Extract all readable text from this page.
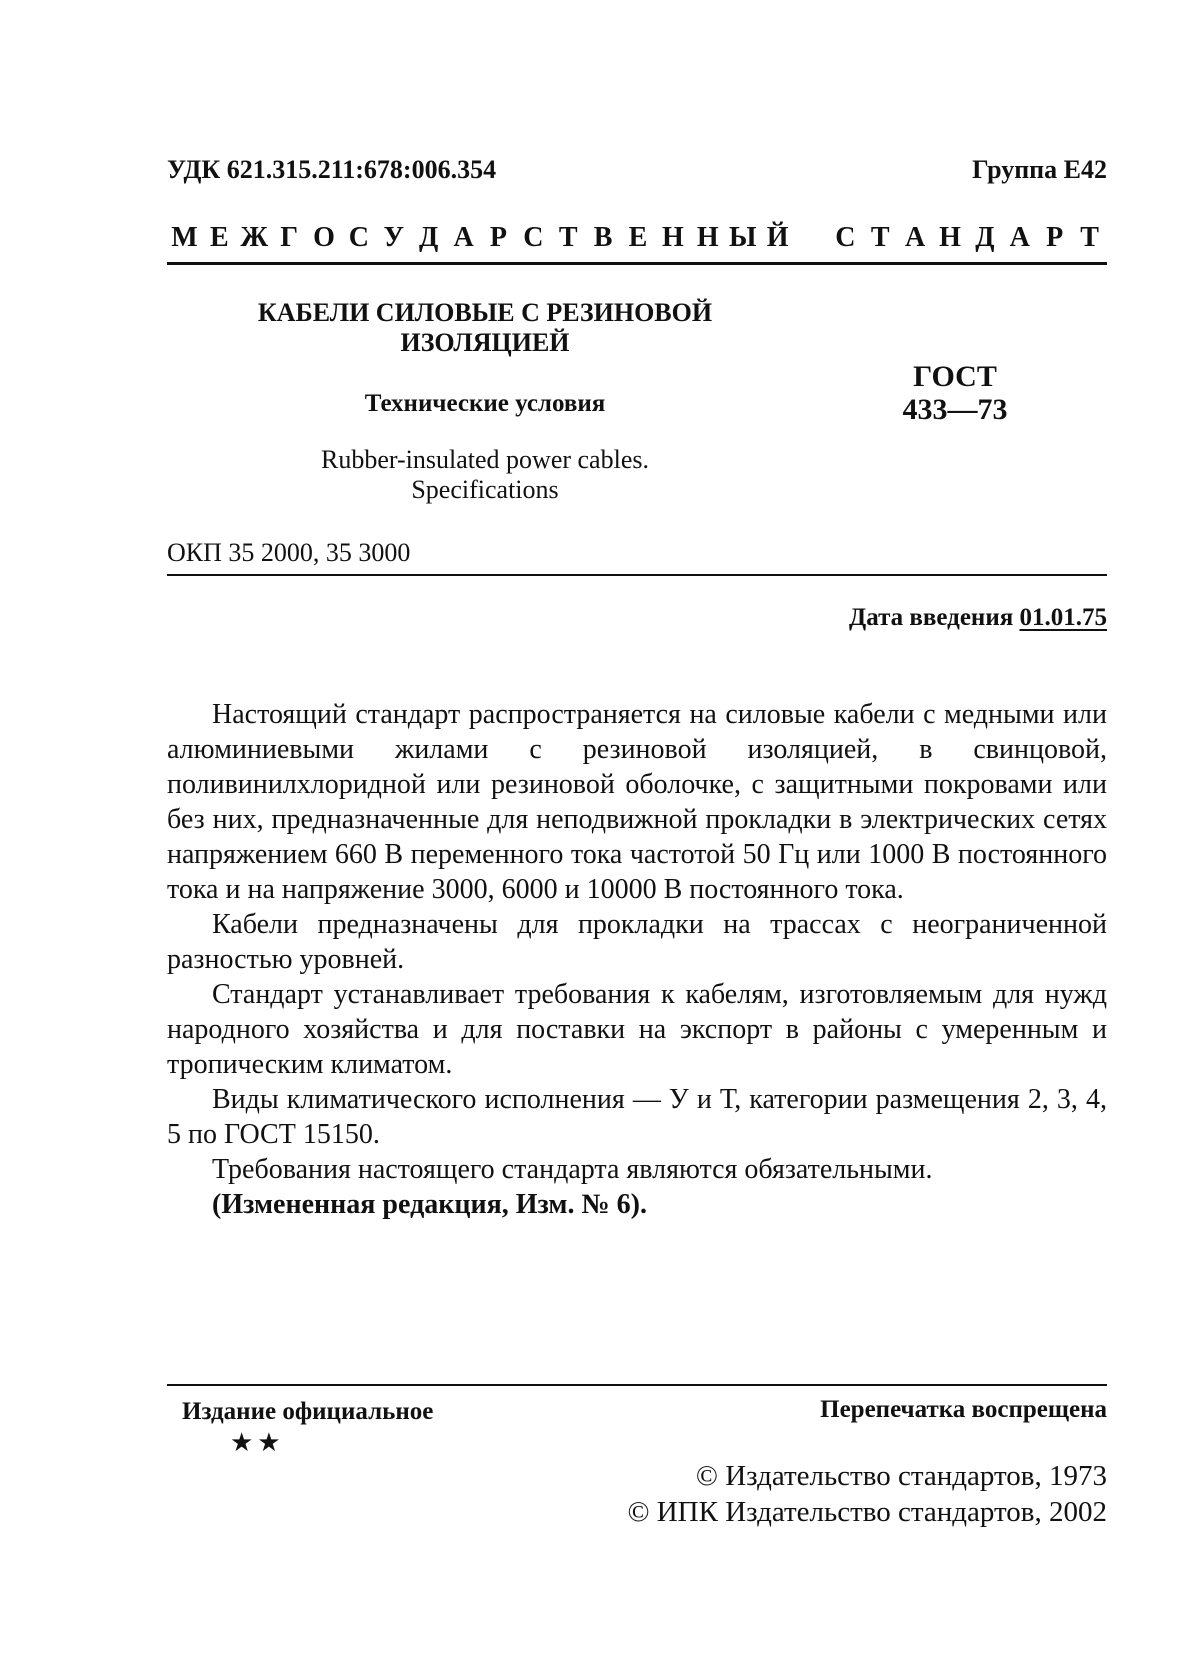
УДК 621.315.211:678:006.354	Группа Е42
М Е Ж Г О С У Д А Р С Т В Е Н Н Ы Й С Т А Н Д А Р Т
КАБЕЛИ СИЛОВЫЕ С РЕЗИНОВОЙ
ИЗОЛЯЦИЕЙ
Технические условия
Rubber-insulated power cables.
Specifications
ГОСТ
433—73
ОКП 35 2000, 35 3000
Дата введения 01.01.75

Настоящий стандарт распространяется на силовые кабели с медными или алюминиевыми жилами с резиновой изоляцией, в свинцовой, поливинилхлоридной или резиновой оболочке, с защитными покровами или без них, предназначенные для неподвижной прокладки в электрических сетях напряжением 660 В переменного тока частотой 50 Гц или 1000 В постоянного тока и на напряжение 3000, 6000 и 10000 В постоянного тока.

Кабели предназначены для прокладки на трассах с неограниченной разностью уровней.

Стандарт устанавливает требования к кабелям, изготовляемым для нужд народного хозяйства и для поставки на экспорт в районы с умеренным и тропическим климатом.

Виды климатического исполнения — У и Т, категории размещения 2, 3, 4, 5 по ГОСТ 15150.

Требования настоящего стандарта являются обязательными.

(Измененная редакция, Изм. № 6).

Издание официальное
★★
Перепечатка воспрещена
© Издательство стандартов, 1973
© ИПК Издательство стандартов, 2002
